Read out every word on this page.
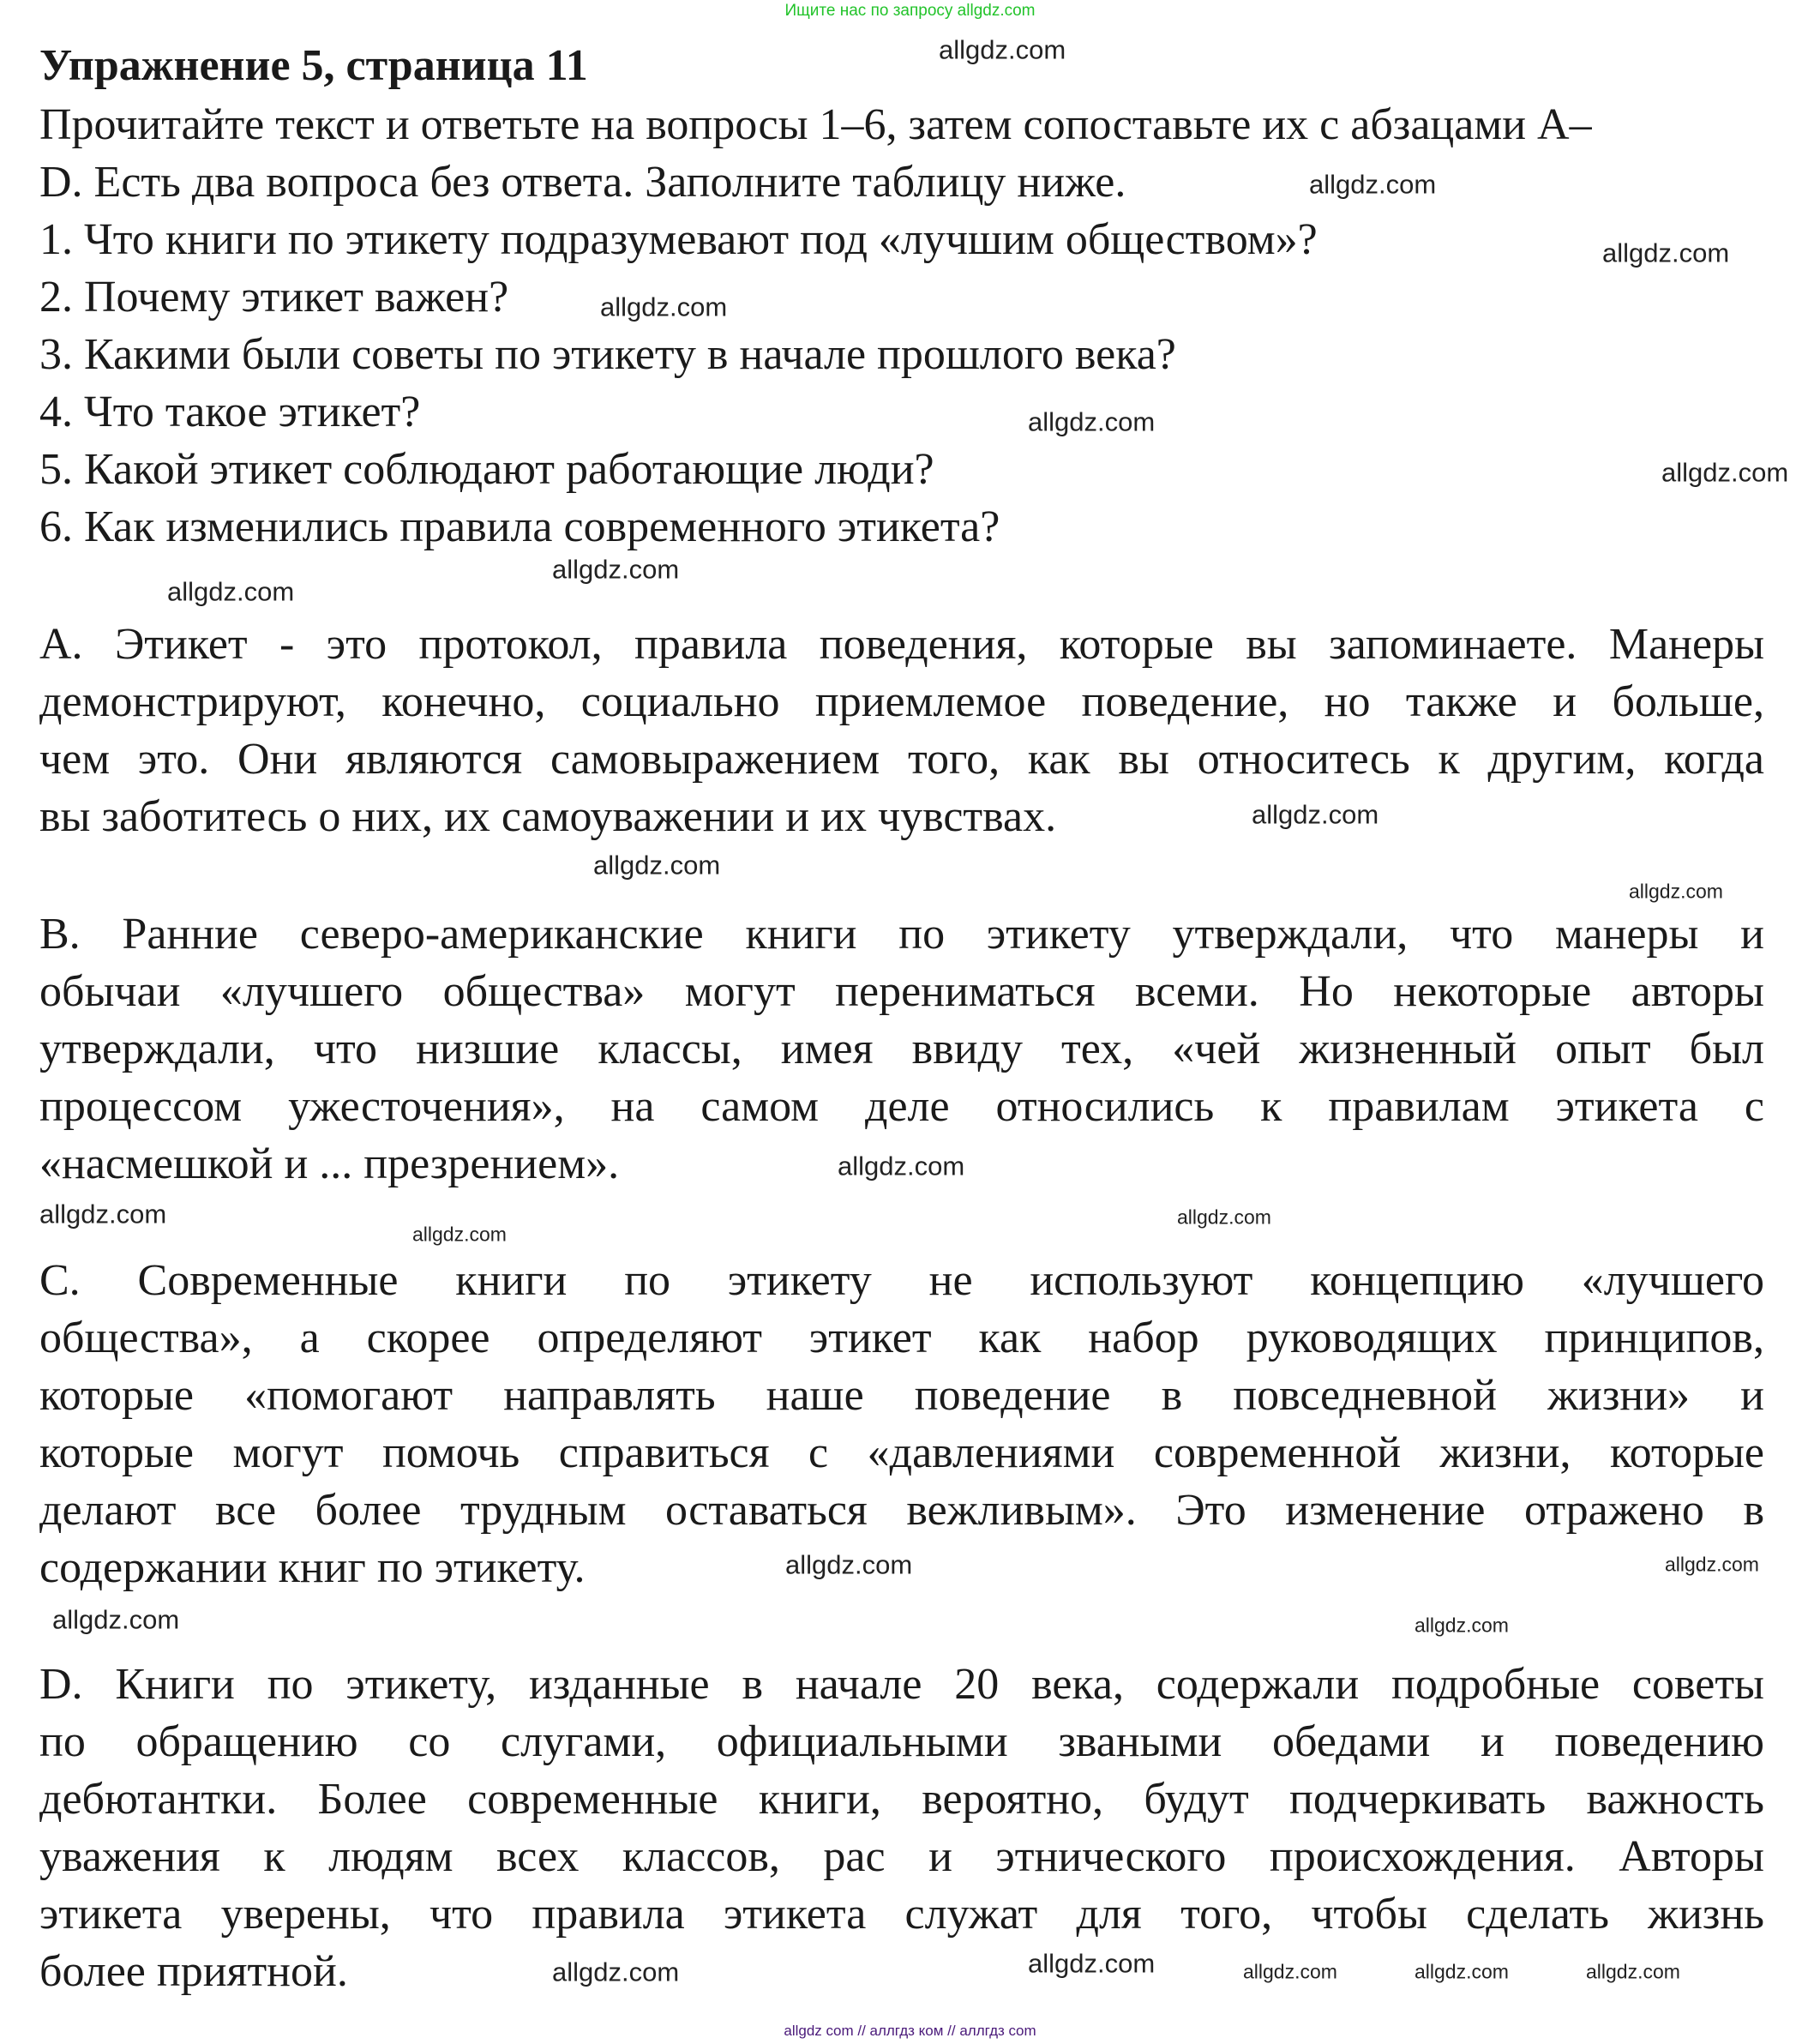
Ищите нас по запросу allgdz.com
Упражнение 5, страница 11
Прочитайте текст и ответьте на вопросы 1–6, затем сопоставьте их с абзацами A–
D. Есть два вопроса без ответа. Заполните таблицу ниже.
1. Что книги по этикету подразумевают под «лучшим обществом»?
2. Почему этикет важен?
3. Какими были советы по этикету в начале прошлого века?
4. Что такое этикет?
5. Какой этикет соблюдают работающие люди?
6. Как изменились правила современного этикета?
A. Этикет - это протокол, правила поведения, которые вы запоминаете. Манеры
демонстрируют, конечно, социально приемлемое поведение, но также и больше,
чем это. Они являются самовыражением того, как вы относитесь к другим, когда
вы заботитесь о них, их самоуважении и их чувствах.
B. Ранние северо-американские книги по этикету утверждали, что манеры и
обычаи «лучшего общества» могут перениматься всеми. Но некоторые авторы
утверждали, что низшие классы, имея ввиду тех, «чей жизненный опыт был
процессом ужесточения», на самом деле относились к правилам этикета с
«насмешкой и ... презрением».
C. Современные книги по этикету не используют концепцию «лучшего
общества», а скорее определяют этикет как набор руководящих принципов,
которые «помогают направлять наше поведение в повседневной жизни» и
которые могут помочь справиться с «давлениями современной жизни, которые
делают все более трудным оставаться вежливым». Это изменение отражено в
содержании книг по этикету.
D. Книги по этикету, изданные в начале 20 века, содержали подробные советы
по обращению со слугами, официальными зваными обедами и поведению
дебютантки. Более современные книги, вероятно, будут подчеркивать важность
уважения к людям всех классов, рас и этнического происхождения. Авторы
этикета уверены, что правила этикета служат для того, чтобы сделать жизнь
более приятной.
allgdz.com
allgdz.com
allgdz.com
allgdz.com
allgdz.com
allgdz.com
allgdz.com
allgdz.com
allgdz.com
allgdz.com
allgdz.com
allgdz.com
allgdz.com	allgdz.com
allgdz.com
allgdz.com	allgdz.com
allgdz.com	allgdz.com
allgdz.com
allgdz.com	allgdz.com	allgdz.com	allgdz.com
allgdz com // аллгдз ком // аллгдз com
